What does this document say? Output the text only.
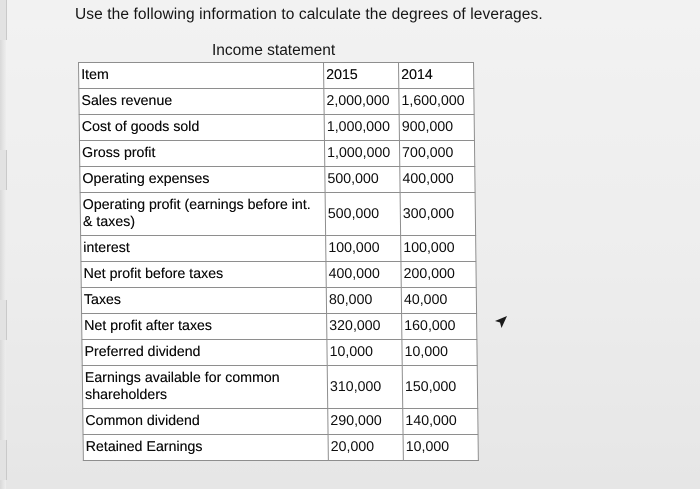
Use the following information to calculate the degrees of leverages.
Income statement
Item	2015	2014
Sales revenue	2,000,000	1,600,000
Cost of goods sold	1,000,000	900,000
Gross profit	1,000,000	700,000
Operating expenses	500,000	400,000
Operating profit (earnings before int. & taxes)	500,000	300,000
interest	100,000	100,000
Net profit before taxes	400,000	200,000
Taxes	80,000	40,000
Net profit after taxes	320,000	160,000
Preferred dividend	10,000	10,000
Earnings available for common shareholders	310,000	150,000
Common dividend	290,000	140,000
Retained Earnings	20,000	10,000
